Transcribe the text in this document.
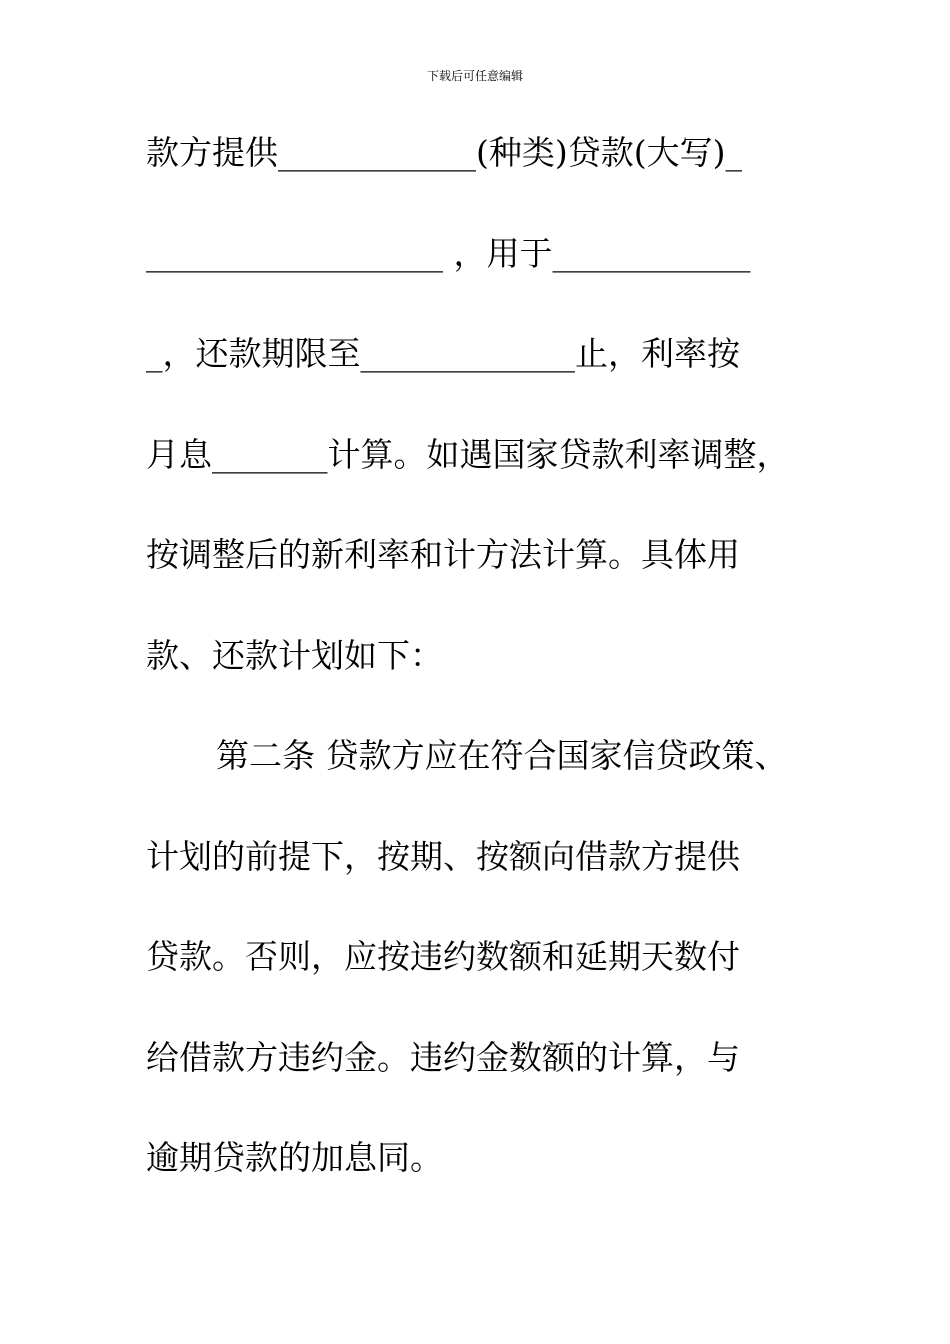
下载后可任意编辑
款方提供____________(种类)贷款(大写)_
__________________ ，用于____________
_，还款期限至_____________止，利率按
月息_______计算。如遇国家贷款利率调整，
按调整后的新利率和计方法计算。具体用
款、还款计划如下：
第二条 贷款方应在符合国家信贷政策、
计划的前提下，按期、按额向借款方提供
贷款。否则，应按违约数额和延期天数付
给借款方违约金。违约金数额的计算，与
逾期贷款的加息同。
